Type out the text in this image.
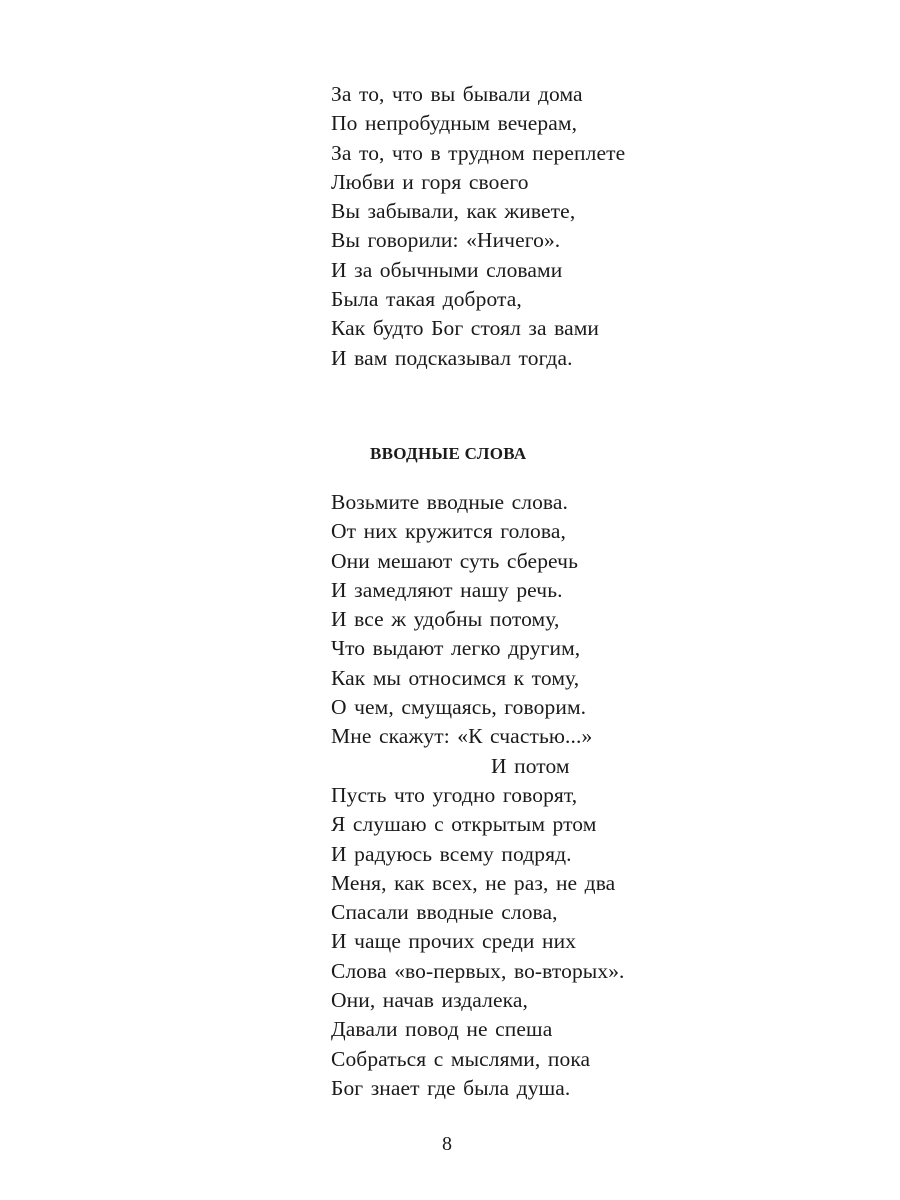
За то, что вы бывали дома
По непробудным вечерам,
За то, что в трудном переплете
Любви и горя своего
Вы забывали, как живете,
Вы говорили: «Ничего».
И за обычными словами
Была такая доброта,
Как будто Бог стоял за вами
И вам подсказывал тогда.
ВВОДНЫЕ СЛОВА
Возьмите вводные слова.
От них кружится голова,
Они мешают суть сберечь
И замедляют нашу речь.
И все ж удобны потому,
Что выдают легко другим,
Как мы относимся к тому,
О чем, смущаясь, говорим.
Мне скажут: «К счастью...»
И потом
Пусть что угодно говорят,
Я слушаю с открытым ртом
И радуюсь всему подряд.
Меня, как всех, не раз, не два
Спасали вводные слова,
И чаще прочих среди них
Слова «во-первых, во-вторых».
Они, начав издалека,
Давали повод не спеша
Собраться с мыслями, пока
Бог знает где была душа.
8
